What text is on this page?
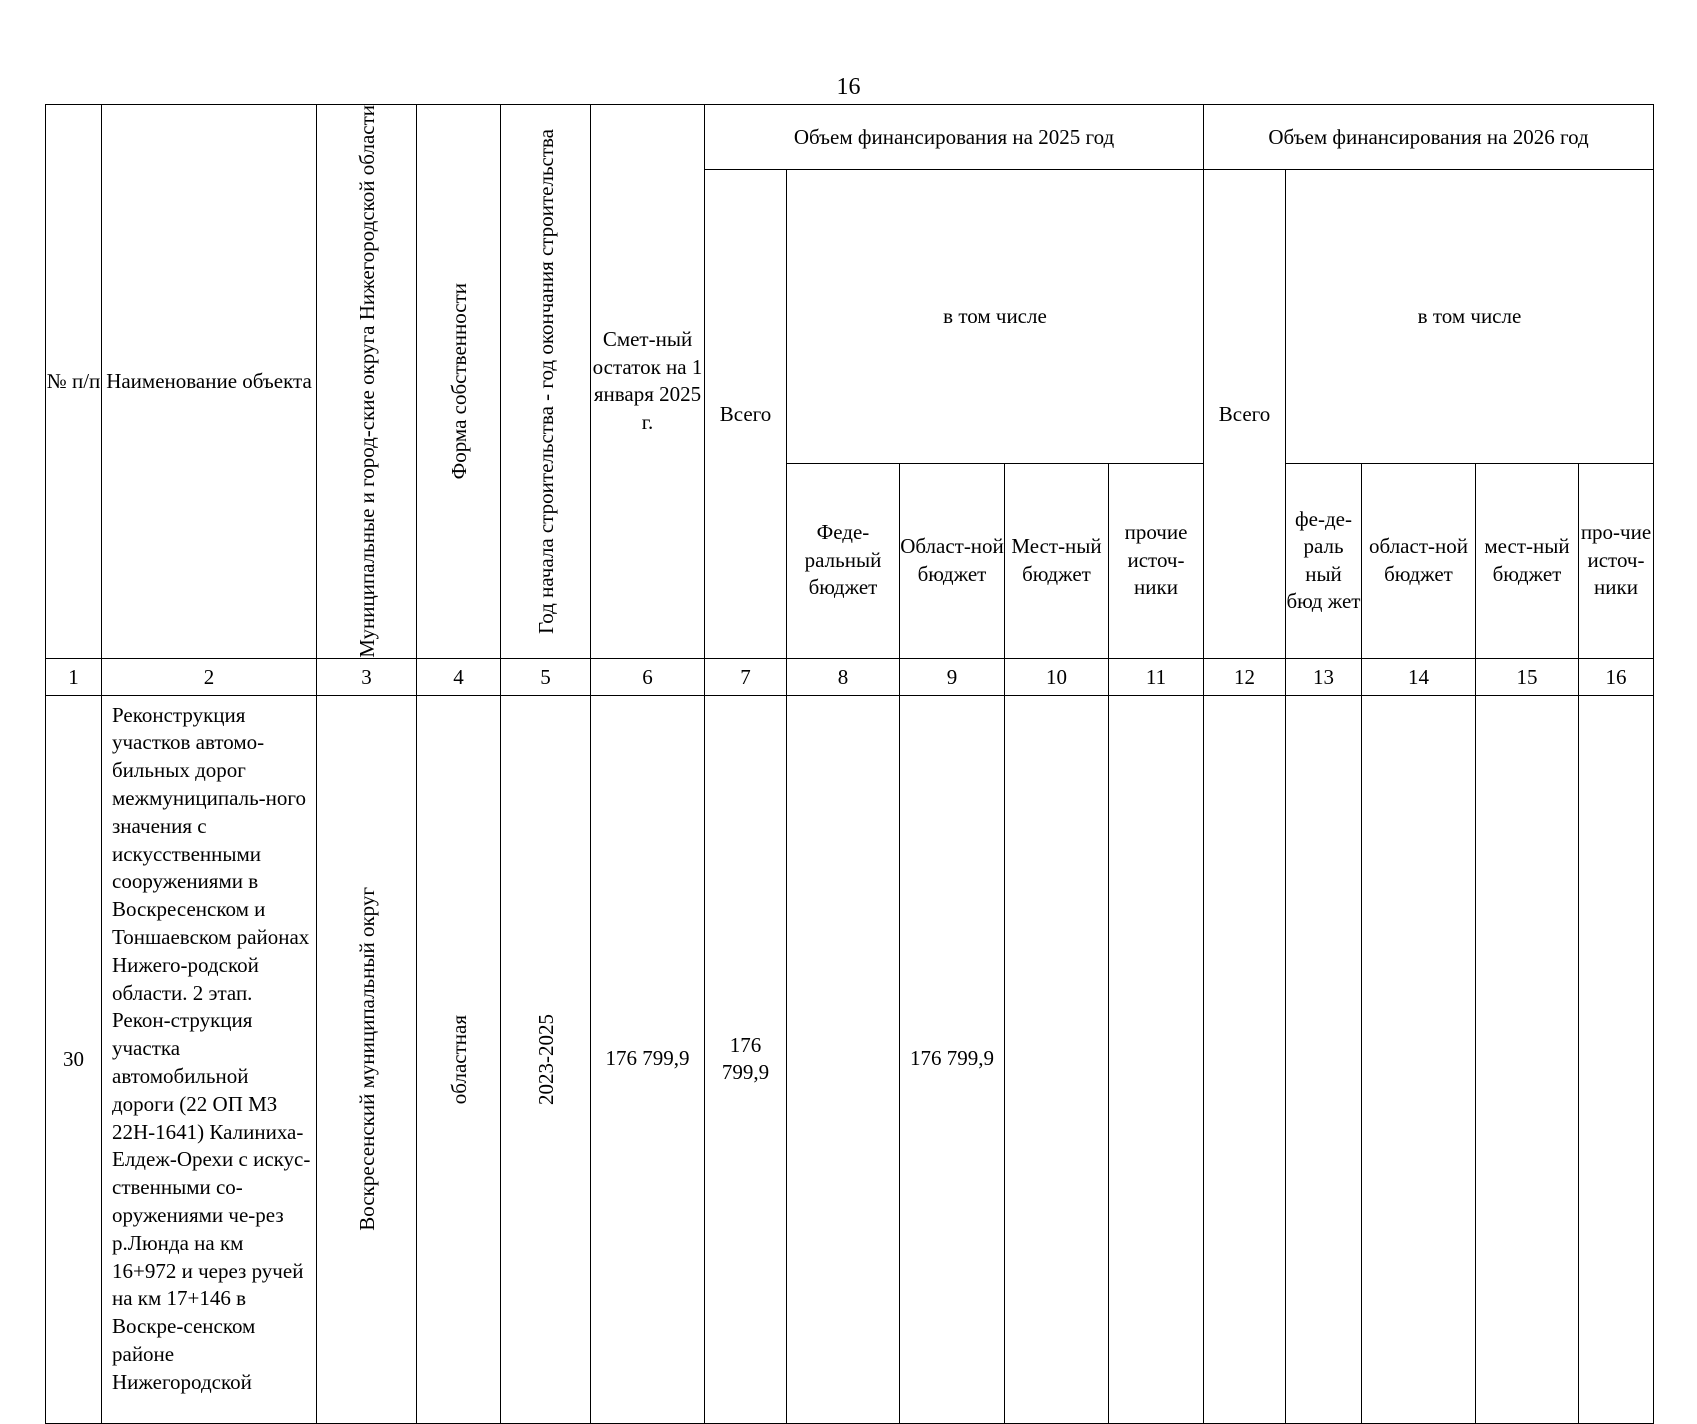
16
№ п/п	Наименование объекта	Муниципальные и город-ские округа Нижегородской области	Форма собственности	Год начала строительства - год окончания строительства	Смет-ный остаток на 1 января 2025 г.	Объем финансирования на 2025 год					Объем финансирования на 2026 год				
						Всего	в том числе				Всего	в том числе			
							Феде-ральный бюджет	Област-ной бюджет	Мест-ный бюджет	прочие источ-ники		фе-де-раль ный бюд жет	област-ной бюджет	мест-ный бюджет	про-чие источ-ники
1	2	3	4	5	6	7	8	9	10	11	12	13	14	15	16
30	Реконструкция участков автомо-бильных дорог межмуниципаль-ного значения с искусственными сооружениями в Воскресенском и Тоншаевском районах Нижего-родской области. 2 этап. Рекон-струкция участка автомобильной дороги (22 ОП МЗ 22Н-1641) Калиниха-Елдеж-Орехи с искус-ственными со-оружениями че-рез р.Люнда на км 16+972 и через ручей на км 17+146 в Воскре-сенском районе Нижегородской	Воскресенский муниципальный округ	областная	2023-2025	176 799,9	176 799,9		176 799,9							
